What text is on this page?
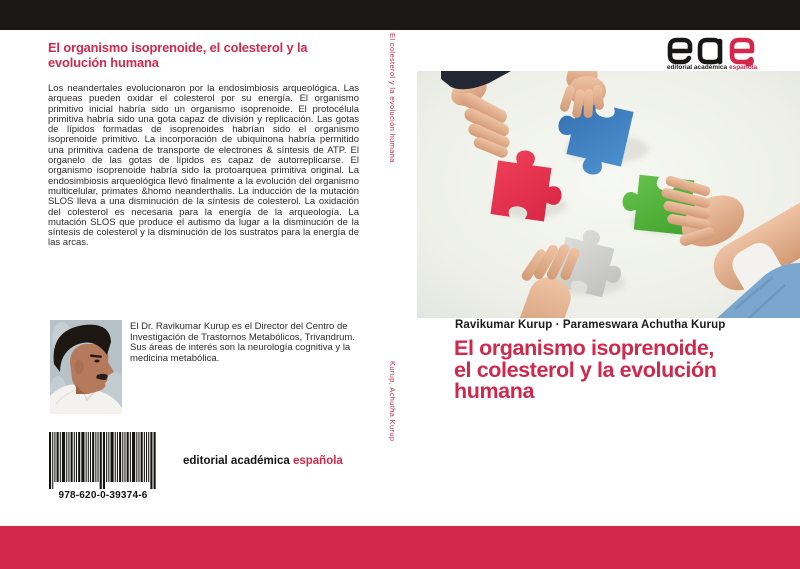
El organismo isoprenoide, el colesterol y la evolución humana
Los neandertales evolucionaron por la endosimbiosis arqueológica. Las arqueas pueden oxidar el colesterol por su energía. El organismo primitivo inicial habría sido un organismo isoprenoide. El protocélula primitiva habría sido una gota capaz de división y replicación. Las gotas de lípidos formadas de isoprenoides habrían sido el organismo isoprenoide primitivo. La incorporación de ubiquinona habría permitido una primitiva cadena de transporte de electrones & síntesis de ATP. El organelo de las gotas de lípidos es capaz de autorreplicarse. El organismo isoprenoide habría sido la protoarquea primitiva original. La endosimbiosis arqueológica llevó finalmente a la evolución del organismo multicelular, primates &homo neanderthalis. La inducción de la mutación SLOS lleva a una disminución de la síntesis de colesterol. La oxidación del colesterol es necesaria para la energía de la arqueología. La mutación SLOS que produce el autismo da lugar a la disminución de la síntesis de colesterol y la disminución de los sustratos para la energía de las arcas.
El Dr. Ravikumar Kurup es el Director del Centro de Investigación de Trastornos Metabólicos, Trivandrum. Sus áreas de interés son la neurología cognitiva y la medicina metabólica.
978-620-0-39374-6
editorial académica española
El colesterol y la evolución humana
Kurup, Achutha Kurup
editorial académica española
Ravikumar Kurup · Parameswara Achutha Kurup
El organismo isoprenoide,
el colesterol y la evolución
humana
